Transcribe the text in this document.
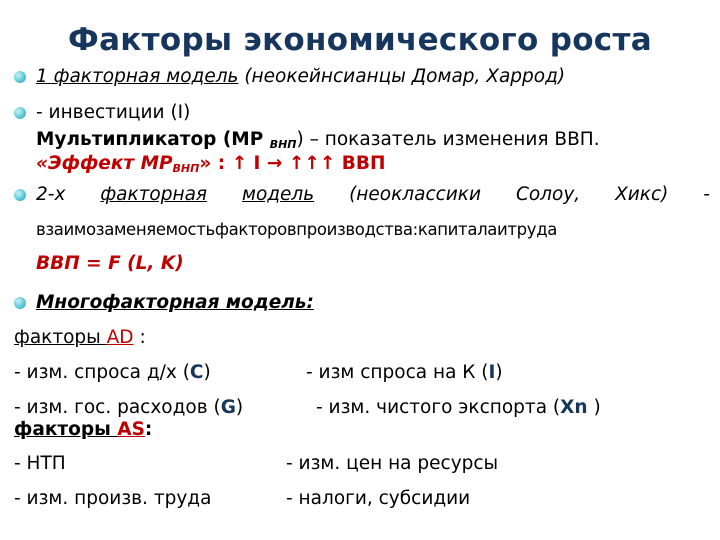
Факторы экономического роста
1 факторная модель (неокейнсианцы Домар, Харрод)
- инвестиции (I)
Мультипликатор (МР $_{ВНП}$) – показатель изменения ВВП.
«Эффект $МР_{ВНП}$» : ↑ I → ↑↑↑ ВВП
2-х факторная модель (неоклассики Солоу, Хикс) -
взаимозаменяемостьфакторовпроизводства:капиталаитруда
ВВП = F (L, K)
Многофакторная модель:
факторы AD :
- изм. спроса д/х (С)	- изм спроса на К (I)
- изм. гос. расходов (G)	- изм. чистого экспорта (Xn )
факторы AS:
- НТП	- изм. цен на ресурсы
- изм. произв. труда	- налоги, субсидии
